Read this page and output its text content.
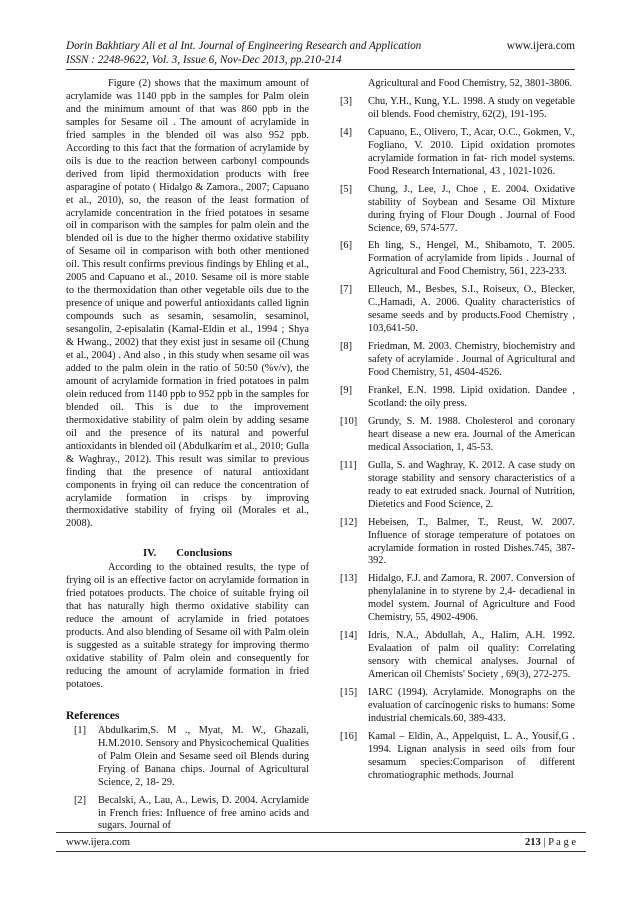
Dorin Bakhtiary Ali et al Int. Journal of Engineering Research and Application	www.ijera.com
ISSN : 2248-9622, Vol. 3, Issue 6, Nov-Dec 2013, pp.210-214

Figure (2) shows that the maximum amount of acrylamide was 1140 ppb in the samples for Palm olein and the minimum amount of that was 860 ppb in the samples for Sesame oil . The amount of acrylamide in fried samples in the blended oil was also 952 ppb. According to this fact that the formation of acrylamide by oils is due to the reaction between carbonyl compounds derived from lipid thermoxidation products with free asparagine of potato ( Hidalgo & Zamora., 2007; Capuano et al., 2010), so, the reason of the least formation of acrylamide concentration in the fried potatoes in sesame oil in comparison with the samples for palm olein and the blended oil is due to the higher thermo oxidative stability of Sesame oil in comparison with both other mentioned oil. This result confirms previous findings by Ehling et al., 2005 and Capuano et al., 2010. Sesame oil is more stable to the thermoxidation than other vegetable oils due to the presence of unique and powerful antioxidants called lignin compounds such as sesamin, sesamolin, sesaminol, sesangolin, 2-episalatin (Kamal-Eldin et al., 1994 ; Shya & Hwang., 2002) that they exist just in sesame oil (Chung et al., 2004) . And also , in this study when sesame oil was added to the palm olein in the ratio of 50:50 (%v/v), the amount of acrylamide formation in fried potatoes in palm olein reduced from 1140 ppb to 952 ppb in the samples for blended oil. This is due to the improvement thermoxidative stability of palm olein by adding sesame oil and the presence of its natural and powerful antioxidants in blended oil (Abdulkarim et al., 2010; Gulla & Waghray., 2012). This result was similar to previous finding that the presence of natural antioxidant components in frying oil can reduce the concentration of acrylamide formation in crisps by improving thermoxidative stability of frying oil (Morales et al., 2008).

IV. Conclusions

According to the obtained results, the type of frying oil is an effective factor on acrylamide formation in fried potatoes products. The choice of suitable frying oil that has naturally high thermo oxidative stability can reduce the amount of acrylamide in fried potatoes products. And also blending of Sesame oil with Palm olein is suggested as a suitable strategy for improving thermo oxidative stability of Palm olein and consequently for reducing the amount of acrylamide formation in fried potatoes.

References
[1]	Abdulkarim,S. M ., Myat, M. W., Ghazali, H.M.2010. Sensory and Physicochemical Qualities of Palm Olein and Sesame seed oil Blends during Frying of Banana chips. Journal of Agricultural Science, 2, 18- 29.
[2]	Becalski, A., Lau, A., Lewis, D. 2004. Acrylamide in French fries: Influence of free amino acids and sugars. Journal of
Agricultural and Food Chemistry, 52, 3801-3806.
[3]	Chu, Y.H., Kung, Y.L. 1998. A study on vegetable oil blends. Food chemistry, 62(2), 191-195.
[4]	Capuano, E., Olivero, T., Acar, O.C., Gokmen, V., Fogliano, V. 2010. Lipid oxidation promotes acrylamide formation in fat- rich model systems. Food Research International, 43 , 1021-1026.
[5]	Chung, J., Lee, J., Choe , E. 2004. Oxidative stability of Soybean and Sesame Oil Mixture during frying of Flour Dough . Journal of Food Science, 69, 574-577.
[6]	Eh ling, S., Hengel, M., Shibamoto, T. 2005. Formation of acrylamide from lipids . Journal of Agricultural and Food Chemistry, 561, 223-233.
[7]	Elleuch, M., Besbes, S.I., Roiseux, O., Blecker, C.,Hamadi, A. 2006. Quality characteristics of sesame seeds and by products.Food Chemistry , 103,641-50.
[8]	Friedman, M. 2003. Chemistry, biochemistry and safety of acrylamide . Journal of Agricultural and Food Chemistry, 51, 4504-4526.
[9]	Frankel, E.N. 1998. Lipid oxidation. Dandee , Scotland: the oily press.
[10]	Grundy, S. M. 1988. Cholesterol and coronary heart disease a new era. Journal of the American medical Association, 1, 45-53.
[11]	Gulla, S. and Waghray, K. 2012. A case study on storage stability and sensory characteristics of a ready to eat extruded snack. Journal of Nutrition, Dietetics and Food Science, 2.
[12]	Hebeisen, T., Balmer, T., Reust, W. 2007. Influence of storage temperature of potatoes on acrylamide formation in rosted Dishes.745, 387-392.
[13]	Hidalgo, F.J. and Zamora, R. 2007. Conversion of phenylalanine in to styrene by 2,4- decadienal in model system. Journal of Agriculture and Food Chemistry, 55, 4902-4906.
[14]	Idris, N.A., Abdullah, A., Halim, A.H. 1992. Evalaation of palm oil quality: Correlating sensory with chemical analyses. Journal of American oil Chemists' Society , 69(3), 272-275.
[15]	IARC (1994). Acrylamide. Monographs on the evaluation of carcinogenic risks to humans: Some industrial chemicals.60, 389-433.
[16]	Kamal – Eldin, A., Appelquist, L. A., Yousif,G . 1994. Lignan analysis in seed oils from four sesamum species:Comparison of different chromatiographic methods. Journal
www.ijera.com	213 | P a g e
